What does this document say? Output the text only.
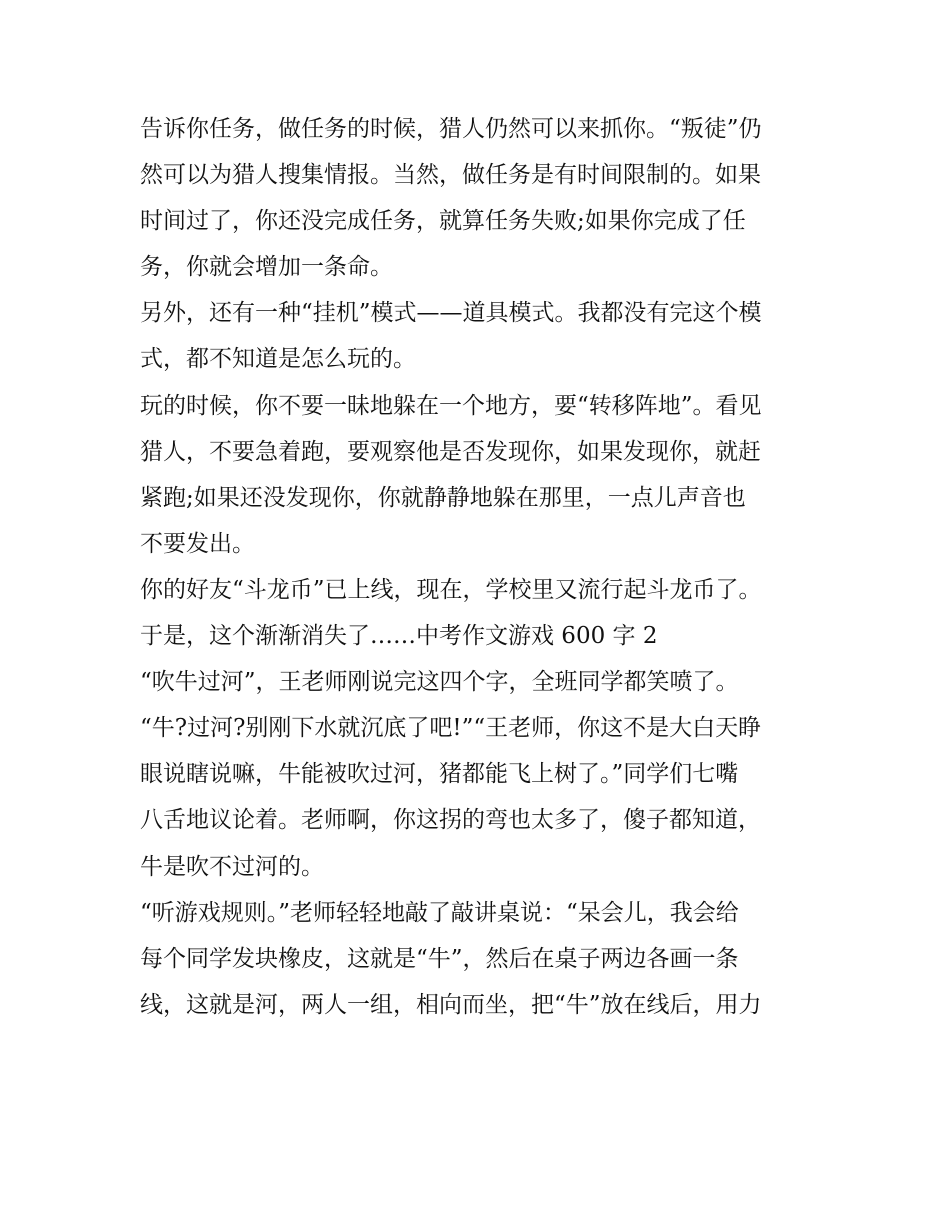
告诉你任务，做任务的时候，猎人仍然可以来抓你。“叛徒”仍
然可以为猎人搜集情报。当然，做任务是有时间限制的。如果
时间过了，你还没完成任务，就算任务失败;如果你完成了任
务，你就会增加一条命。
另外，还有一种“挂机”模式——道具模式。我都没有完这个模
式，都不知道是怎么玩的。
玩的时候，你不要一昧地躲在一个地方，要“转移阵地”。看见
猎人，不要急着跑，要观察他是否发现你，如果发现你，就赶
紧跑;如果还没发现你，你就静静地躲在那里，一点儿声音也
不要发出。
你的好友“斗龙币”已上线，现在，学校里又流行起斗龙币了。
于是，这个渐渐消失了……中考作文游戏 600 字 2
“吹牛过河”，王老师刚说完这四个字，全班同学都笑喷了。
“牛?过河?别刚下水就沉底了吧!”“王老师，你这不是大白天睁
眼说瞎说嘛，牛能被吹过河，猪都能飞上树了。”同学们七嘴
八舌地议论着。老师啊，你这拐的弯也太多了，傻子都知道，
牛是吹不过河的。
“听游戏规则。”老师轻轻地敲了敲讲桌说：“呆会儿，我会给
每个同学发块橡皮，这就是“牛”，然后在桌子两边各画一条
线，这就是河，两人一组，相向而坐，把“牛”放在线后，用力
